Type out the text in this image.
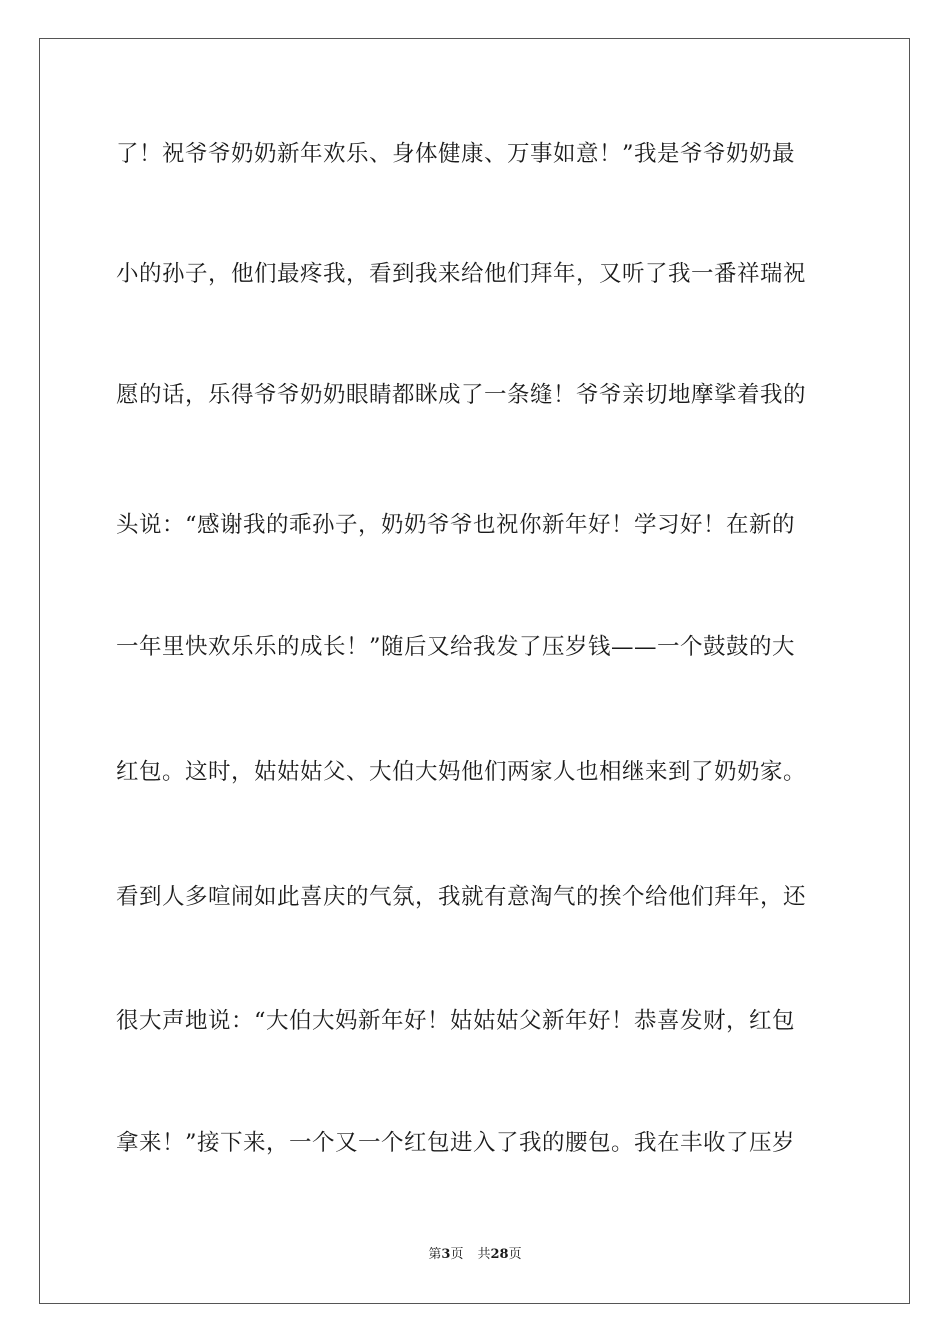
了！祝爷爷奶奶新年欢乐、身体健康、万事如意！”我是爷爷奶奶最
小的孙子，他们最疼我，看到我来给他们拜年，又听了我一番祥瑞祝
愿的话，乐得爷爷奶奶眼睛都眯成了一条缝！爷爷亲切地摩挲着我的
头说：“感谢我的乖孙子，奶奶爷爷也祝你新年好！学习好！在新的
一年里快欢乐乐的成长！”随后又给我发了压岁钱——一个鼓鼓的大
红包。这时，姑姑姑父、大伯大妈他们两家人也相继来到了奶奶家。
看到人多喧闹如此喜庆的气氛，我就有意淘气的挨个给他们拜年，还
很大声地说：“大伯大妈新年好！姑姑姑父新年好！恭喜发财，红包
拿来！”接下来，一个又一个红包进入了我的腰包。我在丰收了压岁
第3页 共28页
